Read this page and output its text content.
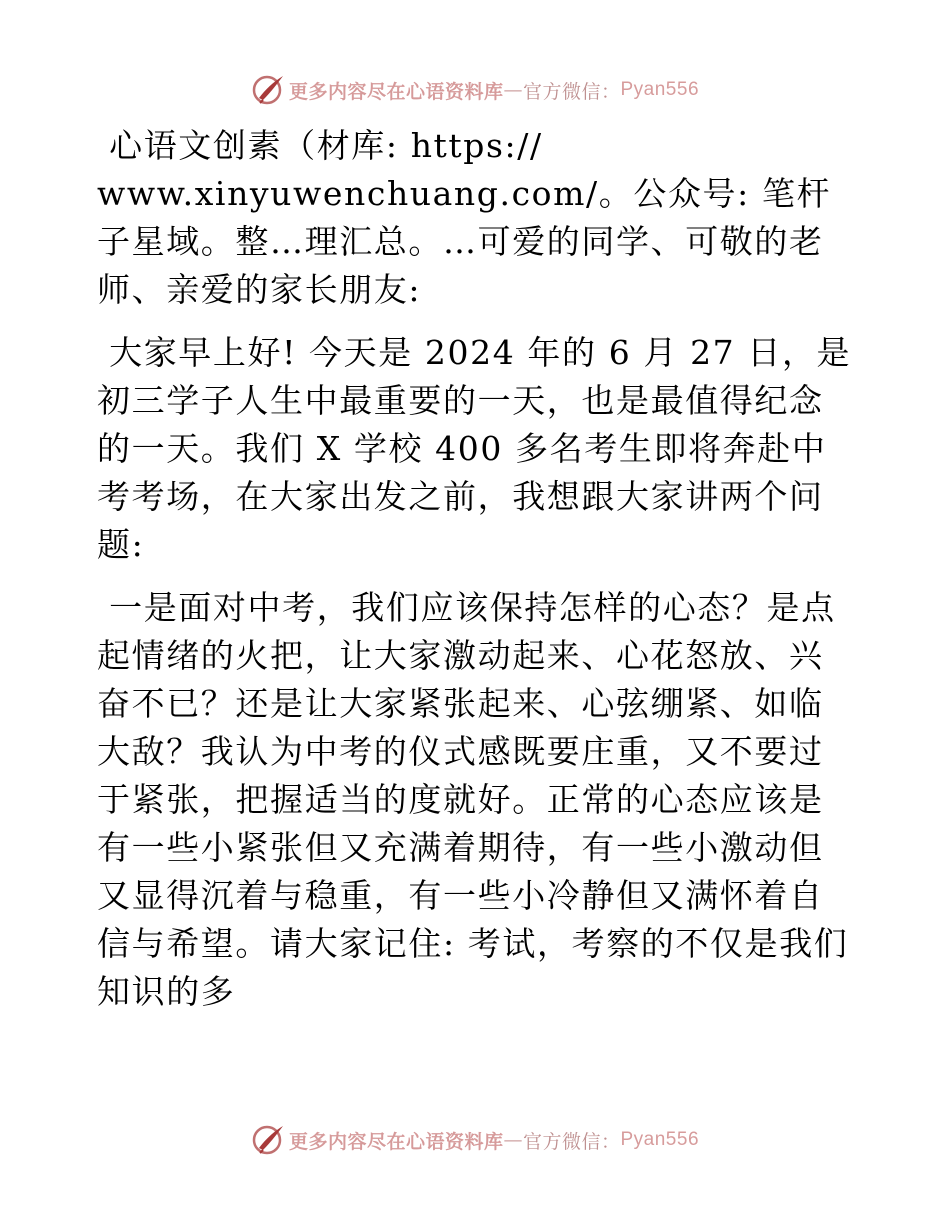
更多内容尽在心语资料库 — 官方微信： Pyan556

心语文创素（材库: https://
www.xinyuwenchuang.com/。公众号: 笔杆子星域。整…理汇总。…可爱的同学、可敬的老师、亲爱的家长朋友:

大家早上好! 今天是 2024 年的 6 月 27 日，是初三学子人生中最重要的一天，也是最值得纪念的一天。我们 X 学校 400 多名考生即将奔赴中考考场，在大家出发之前，我想跟大家讲两个问题:

一是面对中考，我们应该保持怎样的心态？是点起情绪的火把，让大家激动起来、心花怒放、兴奋不已？还是让大家紧张起来、心弦绷紧、如临大敌？我认为中考的仪式感既要庄重，又不要过于紧张，把握适当的度就好。正常的心态应该是有一些小紧张但又充满着期待，有一些小激动但又显得沉着与稳重，有一些小冷静但又满怀着自信与希望。请大家记住: 考试，考察的不仅是我们知识的多

更多内容尽在心语资料库 — 官方微信： Pyan556
